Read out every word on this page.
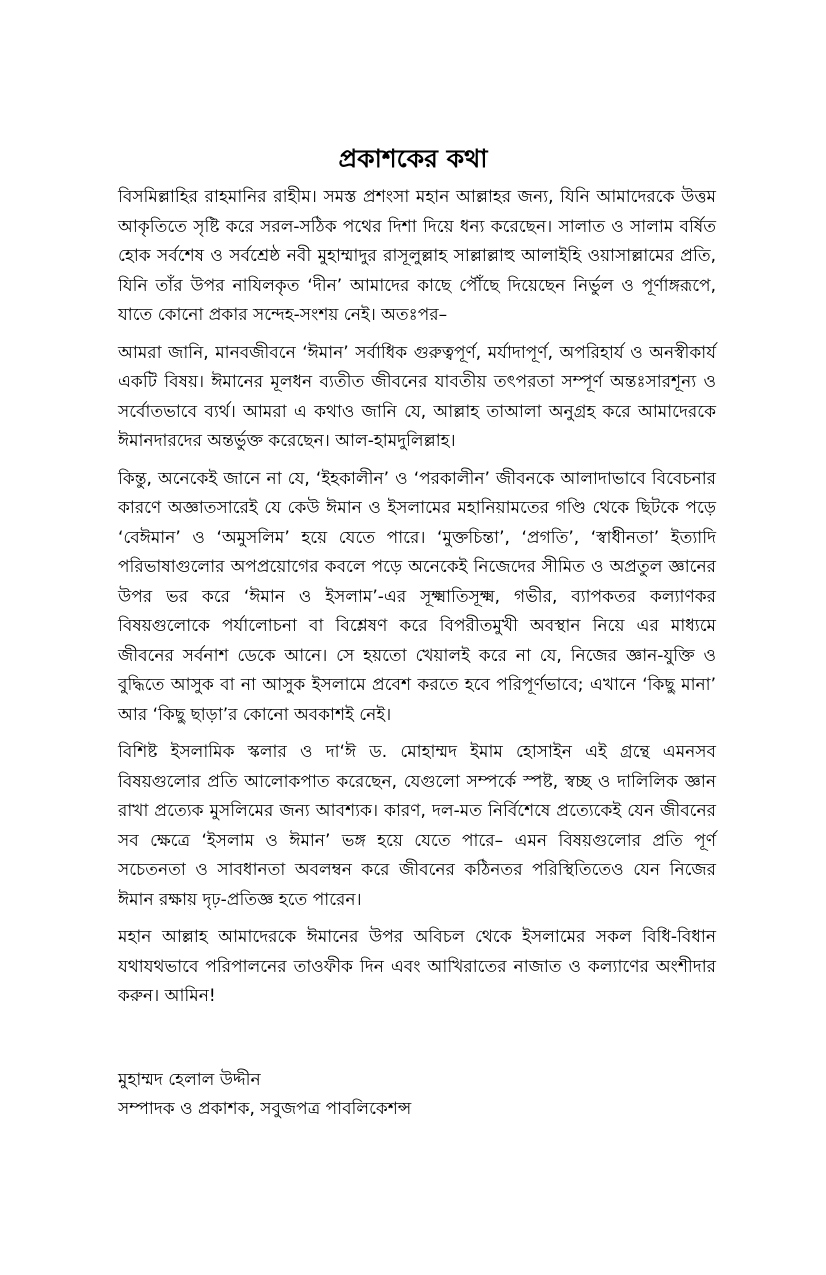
প্রকাশকের কথা

বিসমিল্লাহির রাহমানির রাহীম। সমস্ত প্রশংসা মহান আল্লাহর জন্য, যিনি আমাদেরকে উত্তম আকৃতিতে সৃষ্টি করে সরল-সঠিক পথের দিশা দিয়ে ধন্য করেছেন। সালাত ও সালাম বর্ষিত হোক সর্বশেষ ও সর্বশ্রেষ্ঠ নবী মুহাম্মাদুর রাসূলুল্লাহ সাল্লাল্লাহু আলাইহি ওয়াসাল্লামের প্রতি, যিনি তাঁর উপর নাযিলকৃত ‘দীন’ আমাদের কাছে পৌঁছে দিয়েছেন নির্ভুল ও পূর্ণাঙ্গরূপে, যাতে কোনো প্রকার সন্দেহ-সংশয় নেই। অতঃপর–

আমরা জানি, মানবজীবনে ‘ঈমান’ সর্বাধিক গুরুত্বপূর্ণ, মর্যাদাপূর্ণ, অপরিহার্য ও অনস্বীকার্য একটি বিষয়। ঈমানের মূলধন ব্যতীত জীবনের যাবতীয় তৎপরতা সম্পূর্ণ অন্তঃসারশূন্য ও সর্বোতভাবে ব্যর্থ। আমরা এ কথাও জানি যে, আল্লাহ তাআলা অনুগ্রহ করে আমাদেরকে ঈমানদারদের অন্তর্ভুক্ত করেছেন। আল-হামদুলিল্লাহ।

কিন্তু, অনেকেই জানে না যে, ‘ইহকালীন’ ও ‘পরকালীন’ জীবনকে আলাদাভাবে বিবেচনার কারণে অজ্ঞাতসারেই যে কেউ ঈমান ও ইসলামের মহানিয়ামতের গণ্ডি থেকে ছিটকে পড়ে ‘বেঈমান’ ও ‘অমুসলিম’ হয়ে যেতে পারে। ‘মুক্তচিন্তা’, ‘প্রগতি’, ‘স্বাধীনতা’ ইত্যাদি পরিভাষাগুলোর অপপ্রয়োগের কবলে পড়ে অনেকেই নিজেদের সীমিত ও অপ্রতুল জ্ঞানের উপর ভর করে ‘ঈমান ও ইসলাম’-এর সূক্ষ্মাতিসূক্ষ্ম, গভীর, ব্যাপকতর কল্যাণকর বিষয়গুলোকে পর্যালোচনা বা বিশ্লেষণ করে বিপরীতমুখী অবস্থান নিয়ে এর মাধ্যমে জীবনের সর্বনাশ ডেকে আনে। সে হয়তো খেয়ালই করে না যে, নিজের জ্ঞান-যুক্তি ও বুদ্ধিতে আসুক বা না আসুক ইসলামে প্রবেশ করতে হবে পরিপূর্ণভাবে; এখানে ‘কিছু মানা’ আর ‘কিছু ছাড়া’র কোনো অবকাশই নেই।

বিশিষ্ট ইসলামিক স্কলার ও দা‘ঈ ড. মোহাম্মদ ইমাম হোসাইন এই গ্রন্থে এমনসব বিষয়গুলোর প্রতি আলোকপাত করেছেন, যেগুলো সম্পর্কে স্পষ্ট, স্বচ্ছ ও দালিলিক জ্ঞান রাখা প্রত্যেক মুসলিমের জন্য আবশ্যক। কারণ, দল-মত নির্বিশেষে প্রত্যেকেই যেন জীবনের সব ক্ষেত্রে ‘ইসলাম ও ঈমান’ ভঙ্গ হয়ে যেতে পারে– এমন বিষয়গুলোর প্রতি পূর্ণ সচেতনতা ও সাবধানতা অবলম্বন করে জীবনের কঠিনতর পরিস্থিতিতেও যেন নিজের ঈমান রক্ষায় দৃঢ়-প্রতিজ্ঞ হতে পারেন।

মহান আল্লাহ আমাদেরকে ঈমানের উপর অবিচল থেকে ইসলামের সকল বিধি-বিধান যথাযথভাবে পরিপালনের তাওফীক দিন এবং আখিরাতের নাজাত ও কল্যাণের অংশীদার করুন। আমিন!

মুহাম্মদ হেলাল উদ্দীন

সম্পাদক ও প্রকাশক, সবুজপত্র পাবলিকেশন্স
